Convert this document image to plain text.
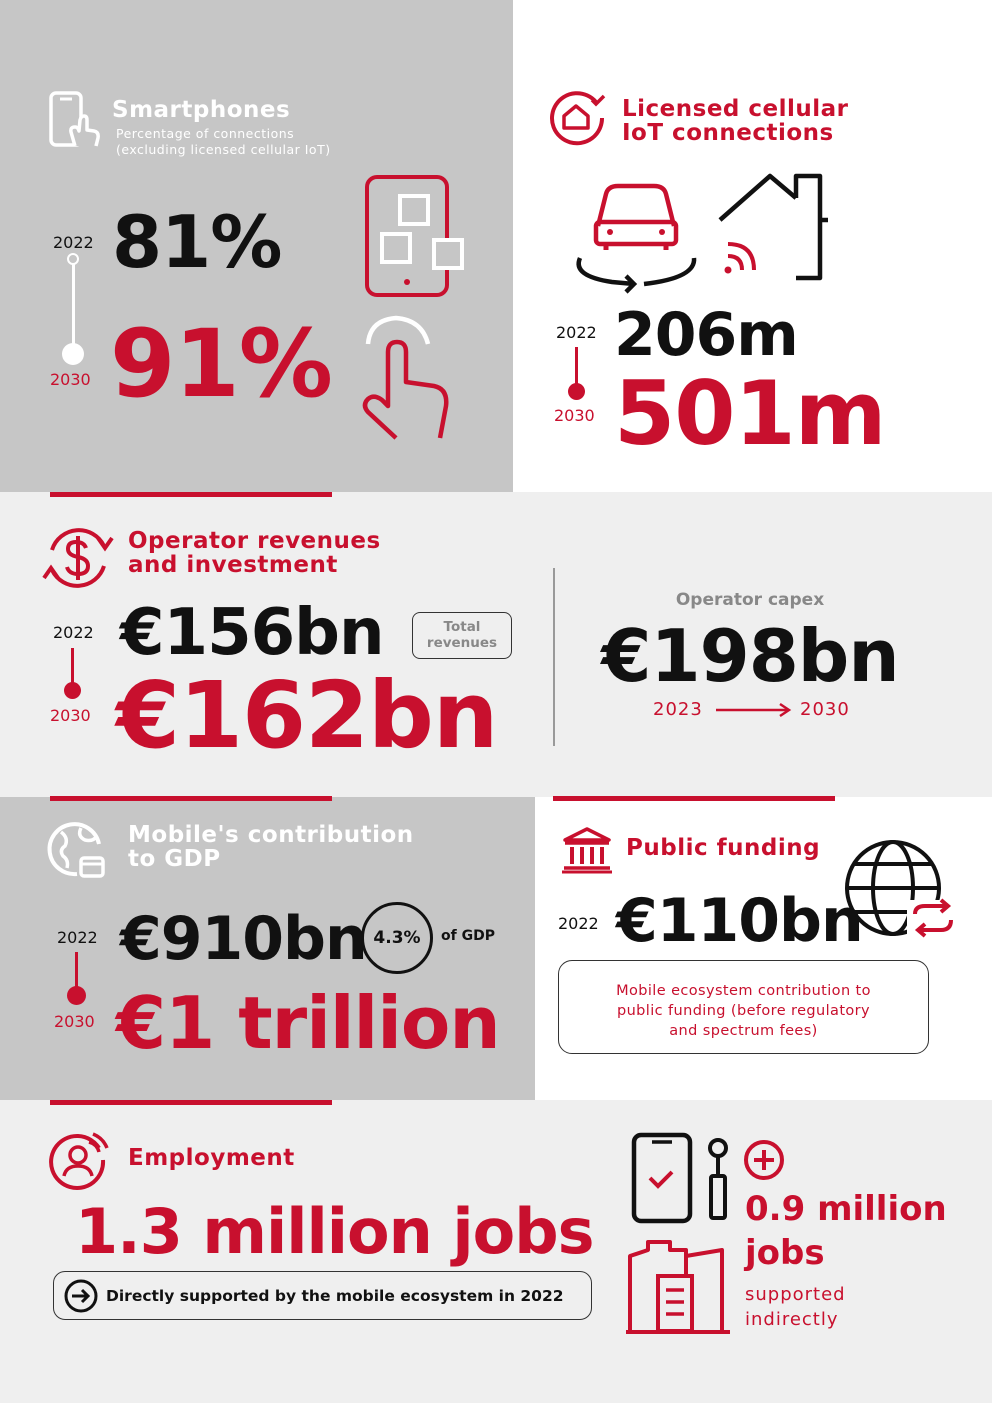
Smartphones
Percentage of connections
(excluding licensed cellular IoT)
2022
2030
81%
91%
Licensed cellular
IoT connections
2022
2030
206m
501m
Operator revenues
and investment
2022
2030
€156bn
€162bn
Total
revenues
Operator capex
€198bn
2023	2030
Mobile's contribution
to GDP
2022
2030
€910bn 4.3% of GDP
€1 trillion
Public funding
2022 €110bn
Mobile ecosystem contribution to
public funding (before regulatory
and spectrum fees)
Employment
1.3 million jobs
Directly supported by the mobile ecosystem in 2022
0.9 million
jobs
supported
indirectly
